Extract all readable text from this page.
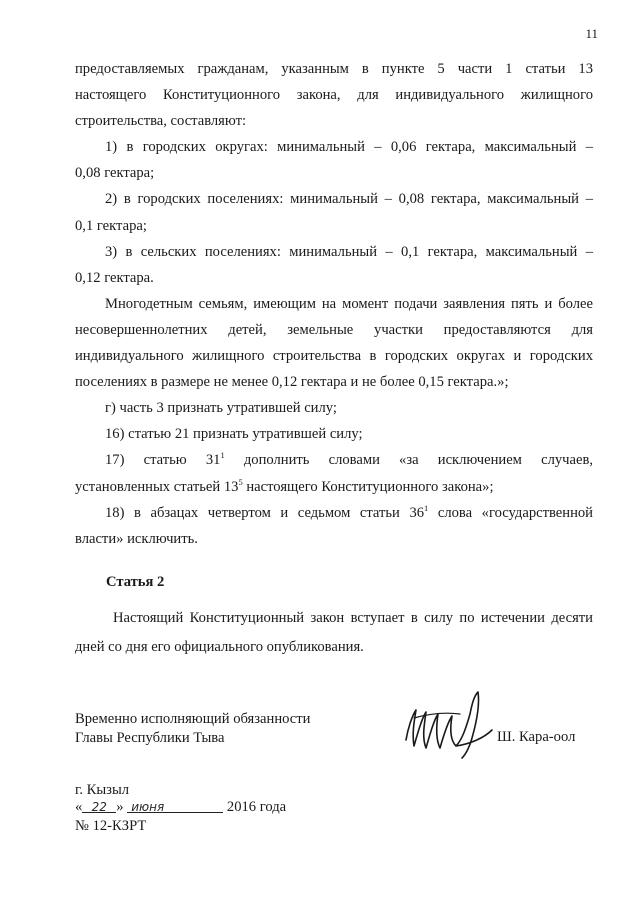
11

предоставляемых гражданам, указанным в пункте 5 части 1 статьи 13

настоящего Конституционного закона, для индивидуального жилищного

строительства, составляют:

1) в городских округах: минимальный – 0,06 гектара, максимальный –

0,08 гектара;

2) в городских поселениях: минимальный – 0,08 гектара, максимальный –

0,1 гектара;

3) в сельских поселениях: минимальный – 0,1 гектара, максимальный –

0,12 гектара.

Многодетным семьям, имеющим на момент подачи заявления пять и более

несовершеннолетних детей, земельные участки предоставляются для

индивидуального жилищного строительства в городских округах и городских

поселениях в размере не менее 0,12 гектара и не более 0,15 гектара.»;

г) часть 3 признать утратившей силу;

16) статью 21 признать утратившей силу;

17) статью $31^1$ дополнить словами «за исключением случаев,

установленных статьей $13^5$ настоящего Конституционного закона»;

18) в абзацах четвертом и седьмом статьи $36^1$ слова «государственной

власти» исключить.

Статья 2

Настоящий Конституционный закон вступает в силу по истечении десяти

дней со дня его официального опубликования.

Временно исполняющий обязанности
Главы Республики Тыва	Ш. Кара-оол
г. Кызыл
« 22 » июня	2016 года
№ 12-КЗРТ
